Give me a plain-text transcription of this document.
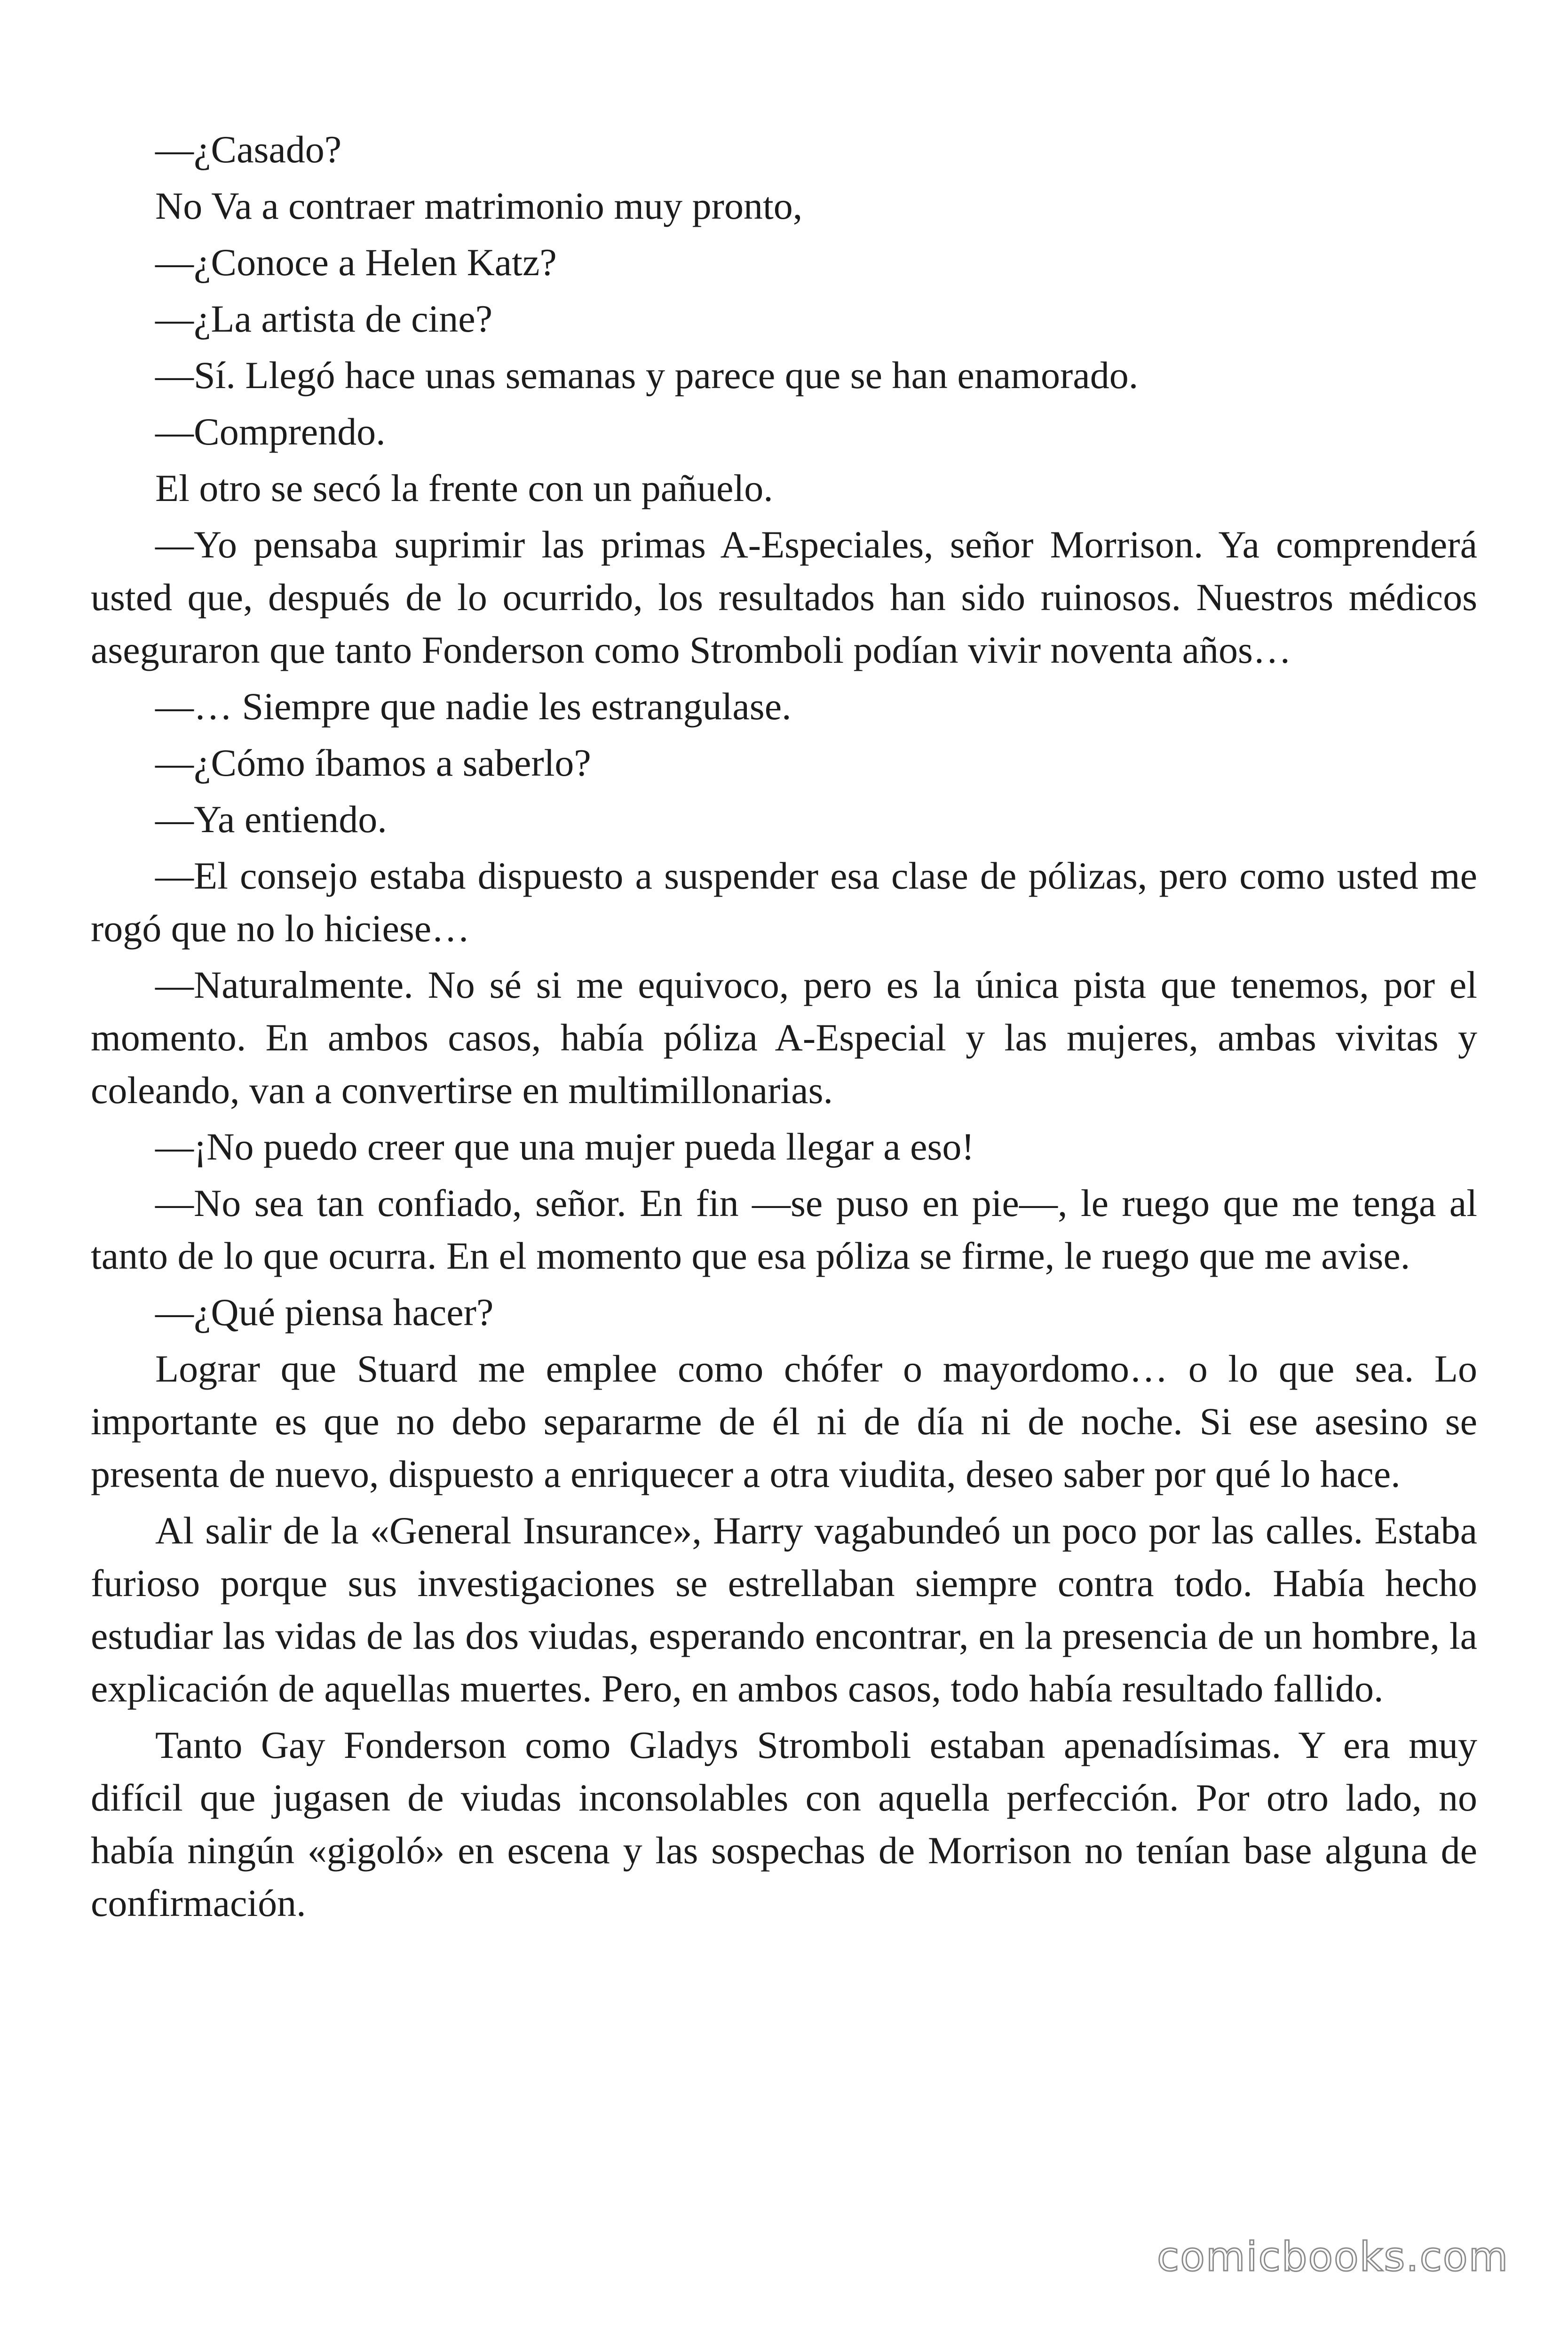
—¿Casado?

No Va a contraer matrimonio muy pronto,

—¿Conoce a Helen Katz?

—¿La artista de cine?

—Sí. Llegó hace unas semanas y parece que se han enamorado.

—Comprendo.

El otro se secó la frente con un pañuelo.

—Yo pensaba suprimir las primas A-Especiales, señor Morrison. Ya comprenderá usted que, después de lo ocurrido, los resultados han sido ruinosos. Nuestros médicos aseguraron que tanto Fonderson como Stromboli podían vivir noventa años…

—… Siempre que nadie les estrangulase.

—¿Cómo íbamos a saberlo?

—Ya entiendo.

—El consejo estaba dispuesto a suspender esa clase de pólizas, pero como usted me rogó que no lo hiciese…

—Naturalmente. No sé si me equivoco, pero es la única pista que tenemos, por el momento. En ambos casos, había póliza A-Especial y las mujeres, ambas vivitas y coleando, van a convertirse en multimillonarias.

—¡No puedo creer que una mujer pueda llegar a eso!

—No sea tan confiado, señor. En fin —se puso en pie—, le ruego que me tenga al tanto de lo que ocurra. En el momento que esa póliza se firme, le ruego que me avise.

—¿Qué piensa hacer?

Lograr que Stuard me emplee como chófer o mayordomo… o lo que sea. Lo importante es que no debo separarme de él ni de día ni de noche. Si ese asesino se presenta de nuevo, dispuesto a enriquecer a otra viudita, deseo saber por qué lo hace.

Al salir de la «General Insurance», Harry vagabundeó un poco por las calles. Estaba furioso porque sus investigaciones se estrellaban siempre contra todo. Había hecho estudiar las vidas de las dos viudas, esperando encontrar, en la presencia de un hombre, la explicación de aquellas muertes. Pero, en ambos casos, todo había resultado fallido.

Tanto Gay Fonderson como Gladys Stromboli estaban apenadísimas. Y era muy difícil que jugasen de viudas inconsolables con aquella perfección. Por otro lado, no había ningún «gigoló» en escena y las sospechas de Morrison no tenían base alguna de confirmación.

comicbooks.com
